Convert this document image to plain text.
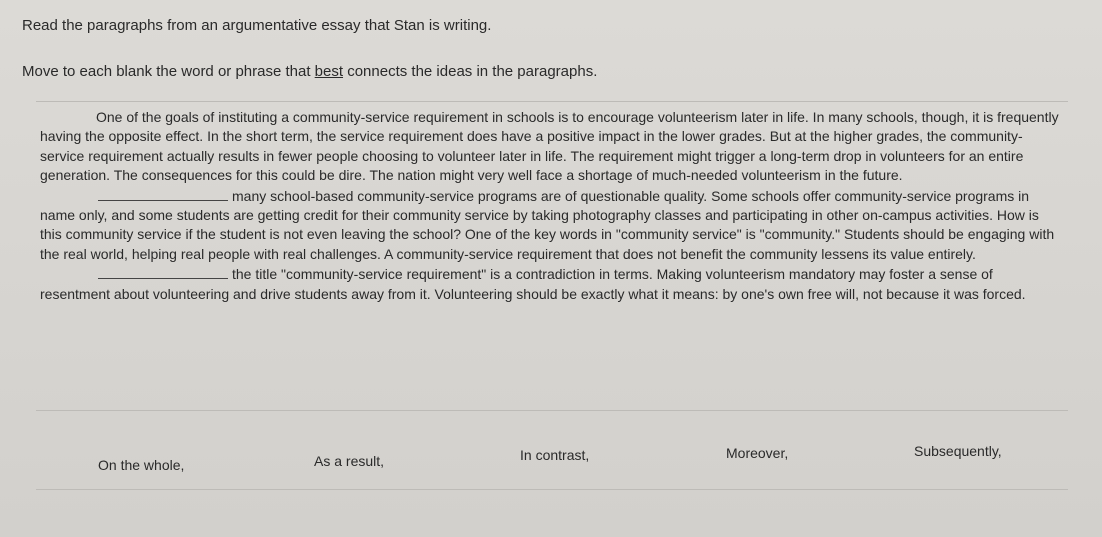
Read the paragraphs from an argumentative essay that Stan is writing.

Move to each blank the word or phrase that best connects the ideas in the paragraphs.

One of the goals of instituting a community-service requirement in schools is to encourage volunteerism later in life. In many schools, though, it is frequently having the opposite effect. In the short term, the service requirement does have a positive impact in the lower grades. But at the higher grades, the community-service requirement actually results in fewer people choosing to volunteer later in life. The requirement might trigger a long-term drop in volunteers for an entire generation. The consequences for this could be dire. The nation might very well face a shortage of much-needed volunteerism in the future.

many school-based community-service programs are of questionable quality. Some schools offer community-service programs in name only, and some students are getting credit for their community service by taking photography classes and participating in other on-campus activities. How is this community service if the student is not even leaving the school? One of the key words in "community service" is "community." Students should be engaging with the real world, helping real people with real challenges. A community-service requirement that does not benefit the community lessens its value entirely.

the title "community-service requirement" is a contradiction in terms. Making volunteerism mandatory may foster a sense of resentment about volunteering and drive students away from it. Volunteering should be exactly what it means: by one's own free will, not because it was forced.

On the whole,	As a result,	In contrast,	Moreover,	Subsequently,
